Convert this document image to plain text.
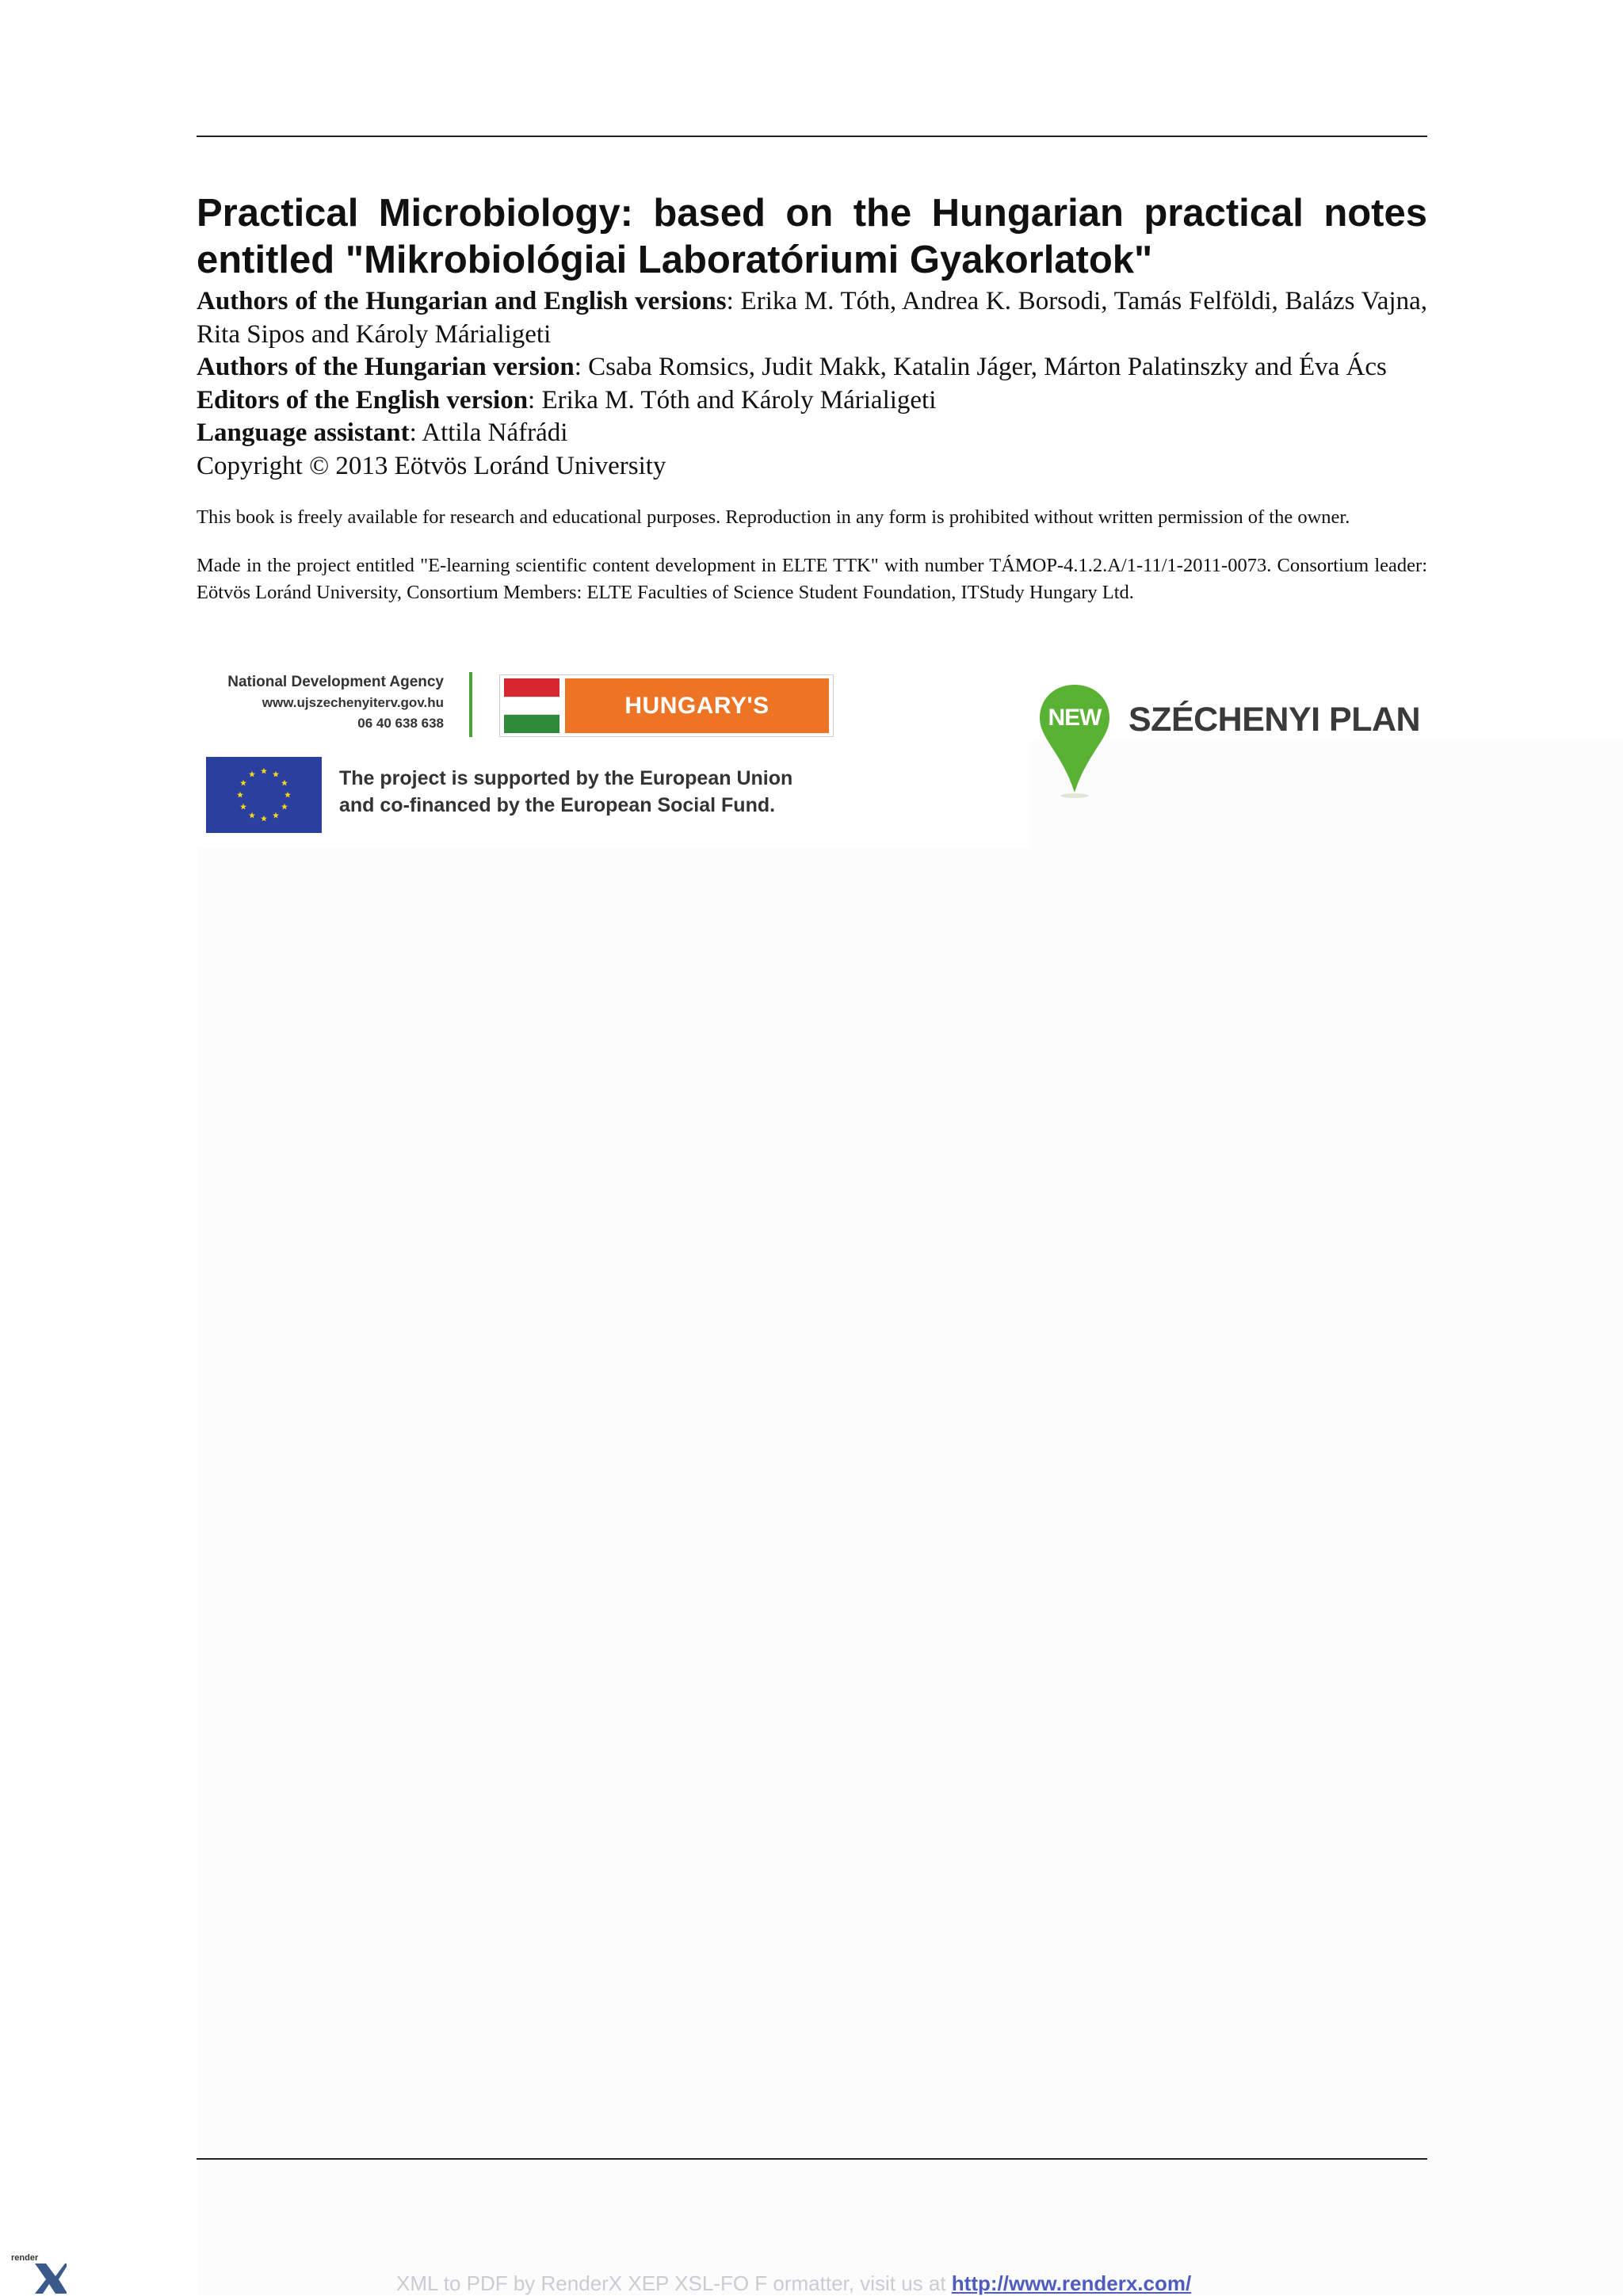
Practical Microbiology: based on the Hungarian practical notes entitled "Mikrobiológiai Laboratóriumi Gyakorlatok"
Authors of the Hungarian and English versions: Erika M. Tóth, Andrea K. Borsodi, Tamás Felföldi, Balázs Vajna, Rita Sipos and Károly Márialigeti
Authors of the Hungarian version: Csaba Romsics, Judit Makk, Katalin Jáger, Márton Palatinszky and Éva Ács
Editors of the English version: Erika M. Tóth and Károly Márialigeti
Language assistant: Attila Náfrádi
Copyright © 2013 Eötvös Loránd University

This book is freely available for research and educational purposes. Reproduction in any form is prohibited without written permission of the owner.

Made in the project entitled "E-learning scientific content development in ELTE TTK" with number TÁMOP-4.1.2.A/1-11/1-2011-0073. Consortium leader: Eötvös Loránd University, Consortium Members: ELTE Faculties of Science Student Foundation, ITStudy Hungary Ltd.

National Development Agency
www.ujszechenyiterv.gov.hu
06 40 638 638
HUNGARY'S RENEWAL
The project is supported by the European Union
and co-financed by the European Social Fund.
NEW SZÉCHENYI PLAN
render
XML to PDF by RenderX XEP XSL-FO F ormatter, visit us at http://www.renderx.com/
